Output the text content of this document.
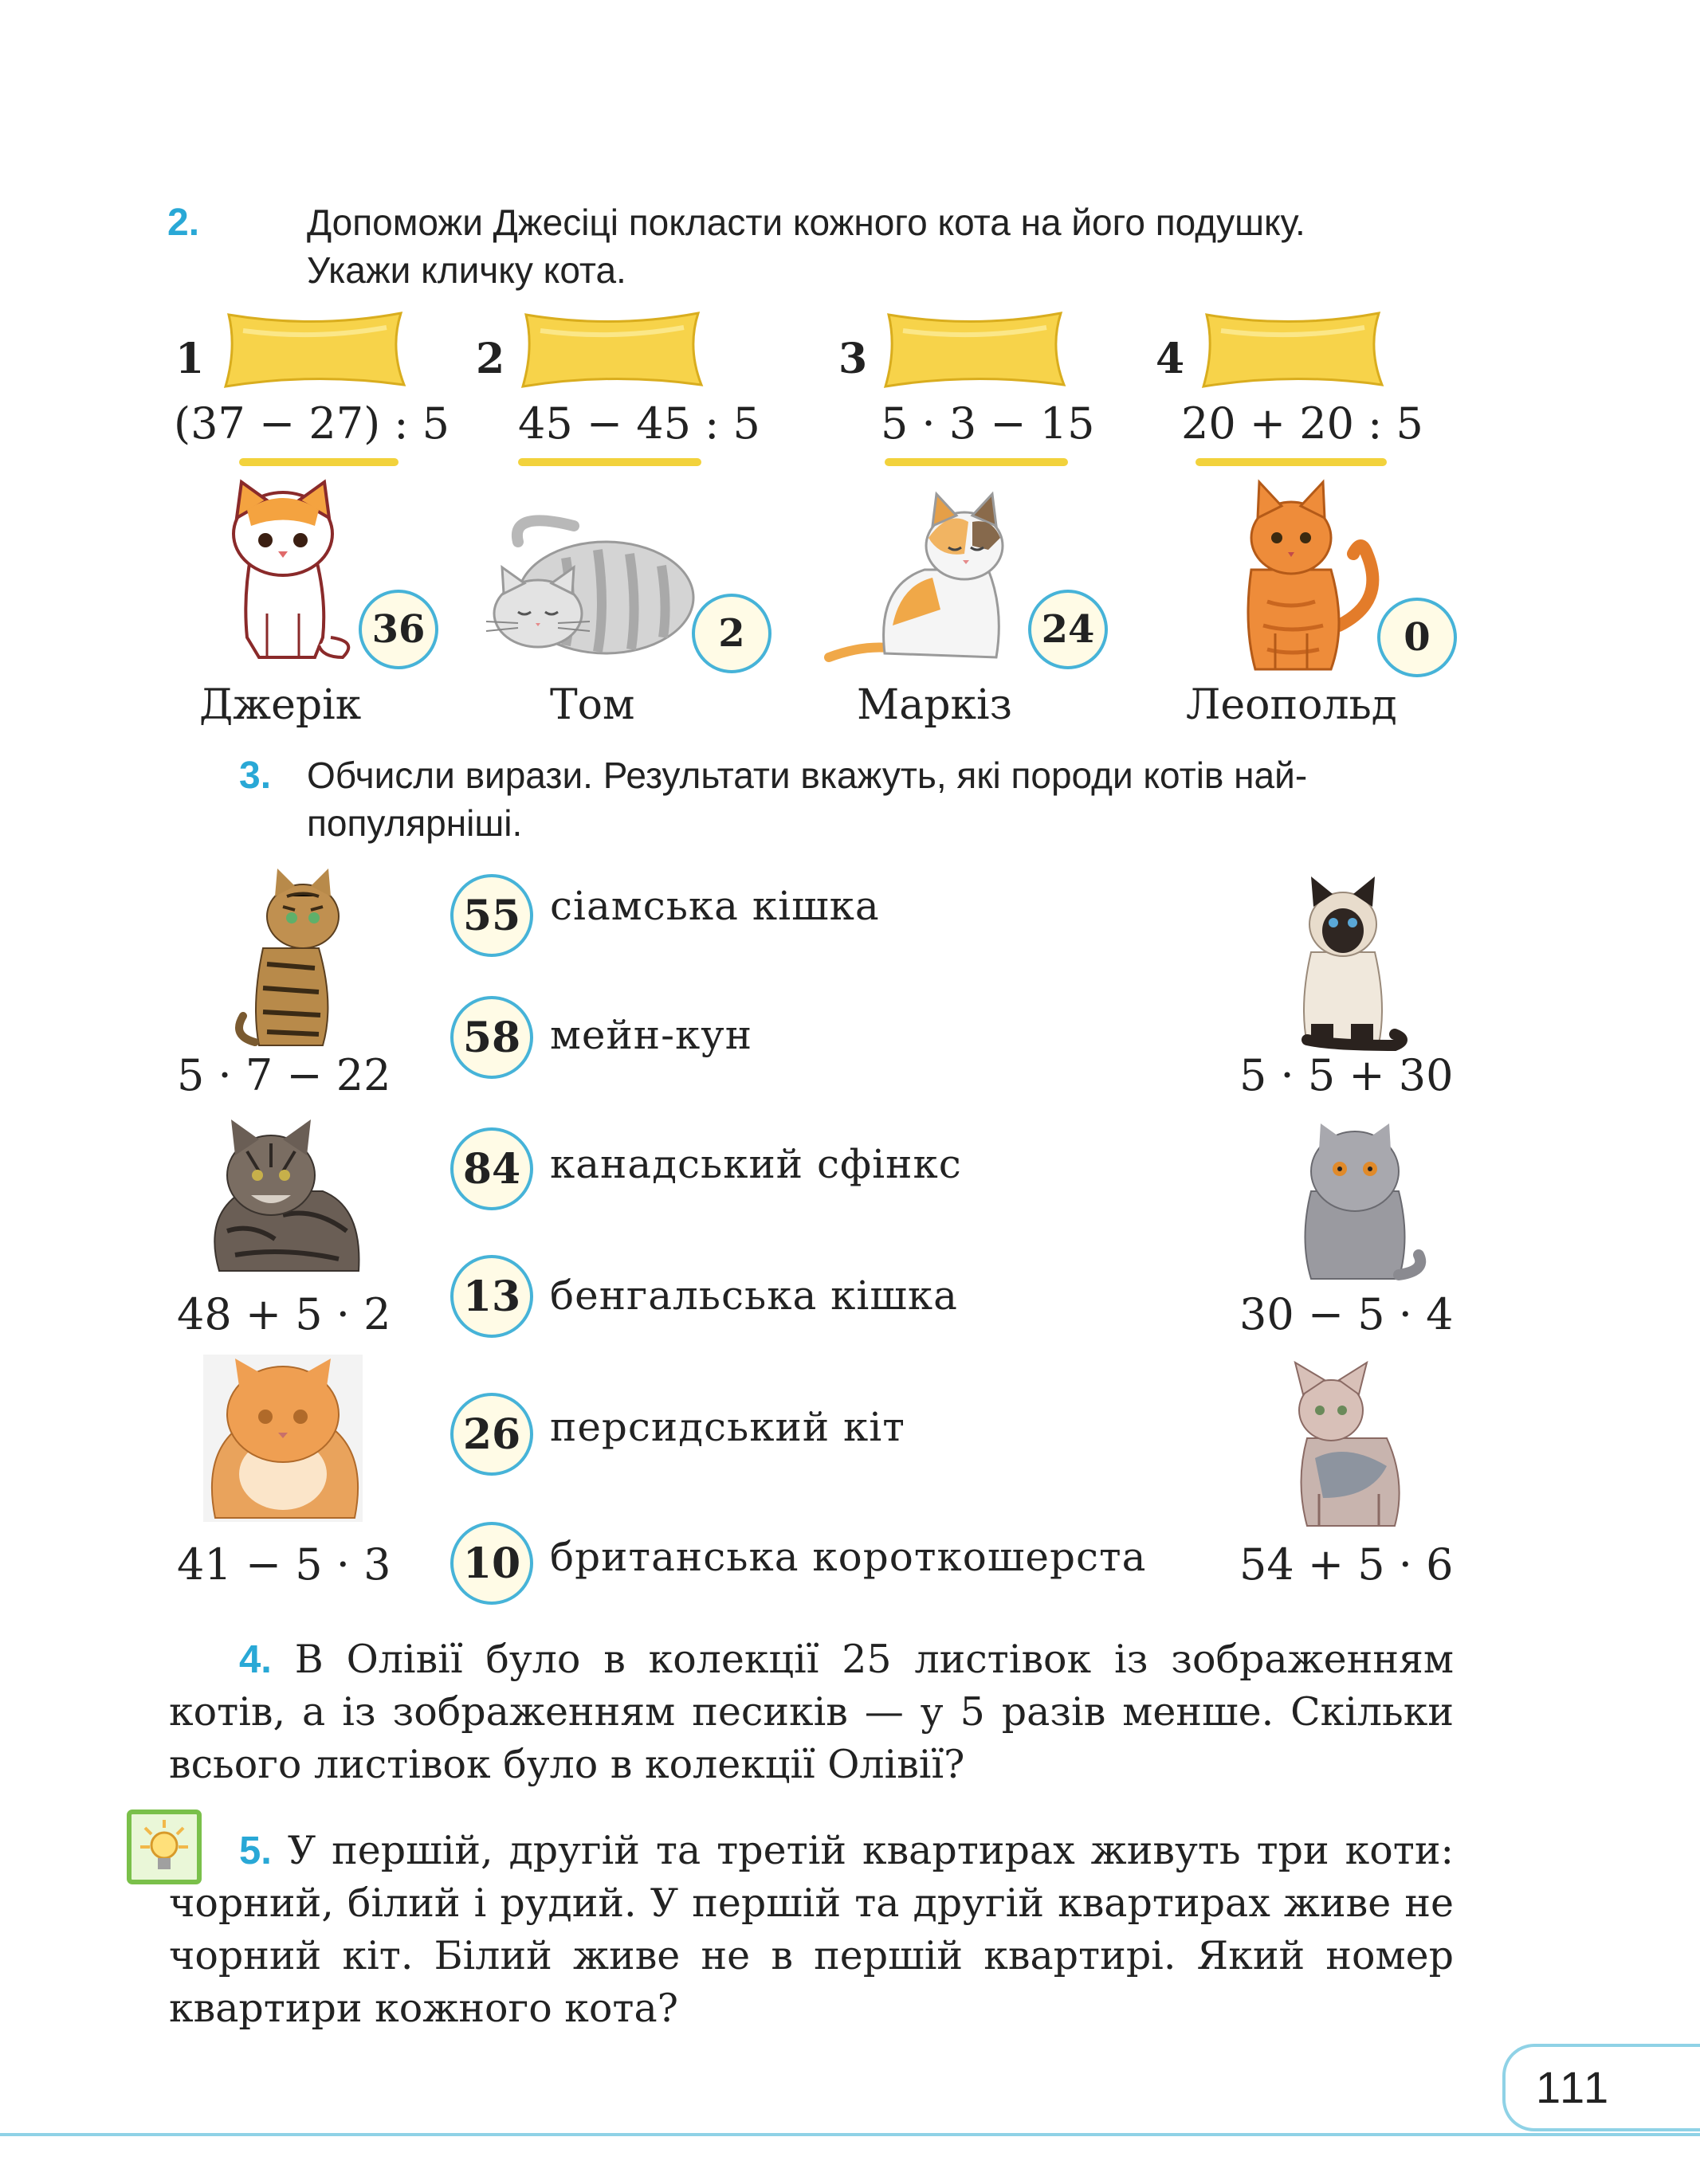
2.	Допоможи Джесіці покласти кожного кота на його подушку.
Укажи кличку кота.
1
(37 − 27) : 5
2
45 − 45 : 5
3
5 · 3 − 15
4
20 + 20 : 5
36
Джерік
2
Том
24
Маркіз
0
Леопольд
3. Обчисли вирази. Результати вкажуть, які породи котів най-
популярніші.
5 · 7 − 22
48 + 5 · 2
41 − 5 · 3
55 сіамська кішка
58 мейн-кун
84 канадський сфінкс
13 бенгальська кішка
26 персидський кіт
10 британська короткошерста
5 · 5 + 30
30 − 5 · 4
54 + 5 · 6
4. В Олівії було в колекції 25 листівок із зображенням котів, а із зображенням песиків — у 5 разів менше. Скільки всього листівок було в колекції Олівії?
5. У першій, другій та третій квартирах живуть три коти: чорний, білий і рудий. У першій та другій квартирах живе не чорний кіт. Білий живе не в першій квартирі. Який номер квартири кожного кота?
111
